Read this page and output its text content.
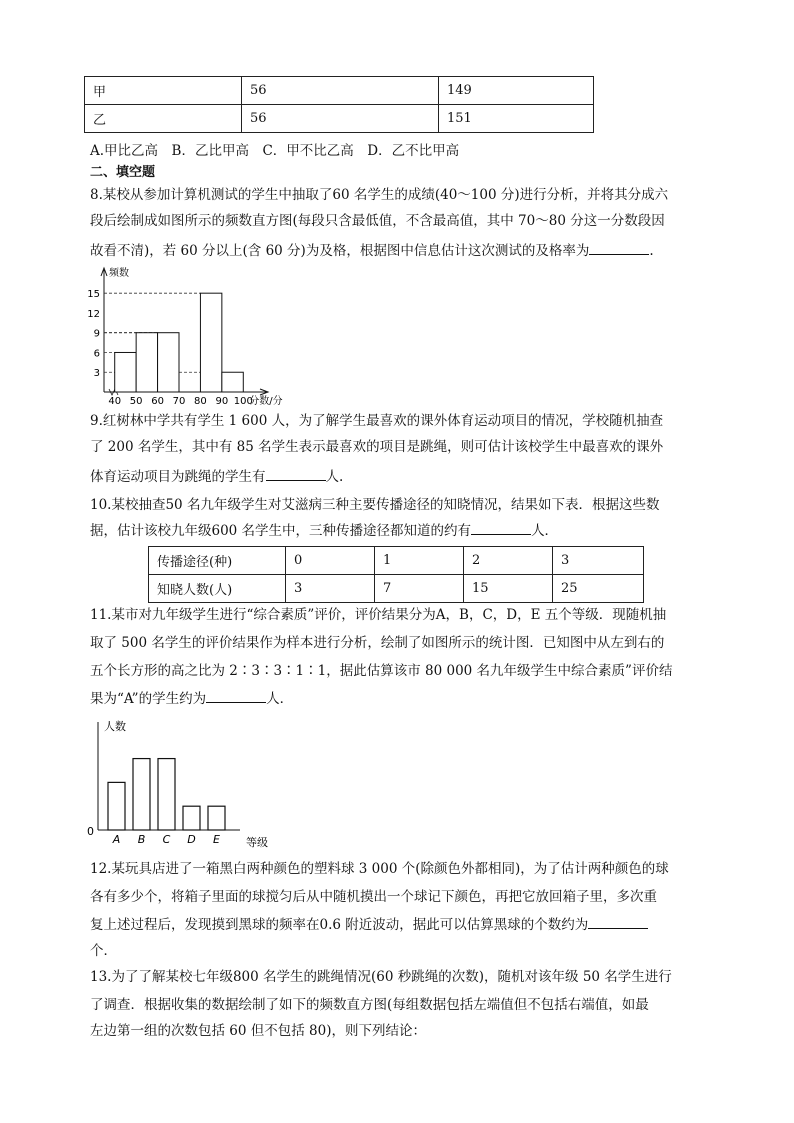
甲	56	149
乙	56	151
A.甲比乙高　B．乙比甲高　C．甲不比乙高　D．乙不比甲高
二、填空题
8.某校从参加计算机测试的学生中抽取了60 名学生的成绩(40～100 分)进行分析，并将其分成六
段后绘制成如图所示的频数直方图(每段只含最低值，不含最高值，其中 70～80 分这一分数段因
故看不清)，若 60 分以上(含 60 分)为及格，根据图中信息估计这次测试的及格率为	.
3
6
9
12
15
40 50 60 70 80 90 100
频数
分数/分
9.红树林中学共有学生 1 600 人，为了解学生最喜欢的课外体育运动项目的情况，学校随机抽查
了 200 名学生，其中有 85 名学生表示最喜欢的项目是跳绳，则可估计该校学生中最喜欢的课外
体育运动项目为跳绳的学生有	人.
10.某校抽查50 名九年级学生对艾滋病三种主要传播途径的知晓情况，结果如下表．根据这些数
据，估计该校九年级600 名学生中，三种传播途径都知道的约有	人．
传播途径(种)	0	1	2	3
知晓人数(人)	3	7	15	25
11.某市对九年级学生进行“综合素质”评价，评价结果分为A，B，C，D，E 五个等级．现随机抽
取了 500 名学生的评价结果作为样本进行分析，绘制了如图所示的统计图．已知图中从左到右的
五个长方形的高之比为 2∶3∶3∶1∶1，据此估算该市 80 000 名九年级学生中综合素质”评价结
果为“A”的学生约为	人．
0
人数
A B C D E 等级
12.某玩具店进了一箱黑白两种颜色的塑料球 3 000 个(除颜色外都相同)，为了估计两种颜色的球
各有多少个，将箱子里面的球搅匀后从中随机摸出一个球记下颜色，再把它放回箱子里，多次重
复上述过程后，发现摸到黑球的频率在0.6 附近波动，据此可以估算黑球的个数约为
个．
13.为了了解某校七年级800 名学生的跳绳情况(60 秒跳绳的次数)，随机对该年级 50 名学生进行
了调查．根据收集的数据绘制了如下的频数直方图(每组数据包括左端值但不包括右端值，如最
左边第一组的次数包括 60 但不包括 80)，则下列结论：
